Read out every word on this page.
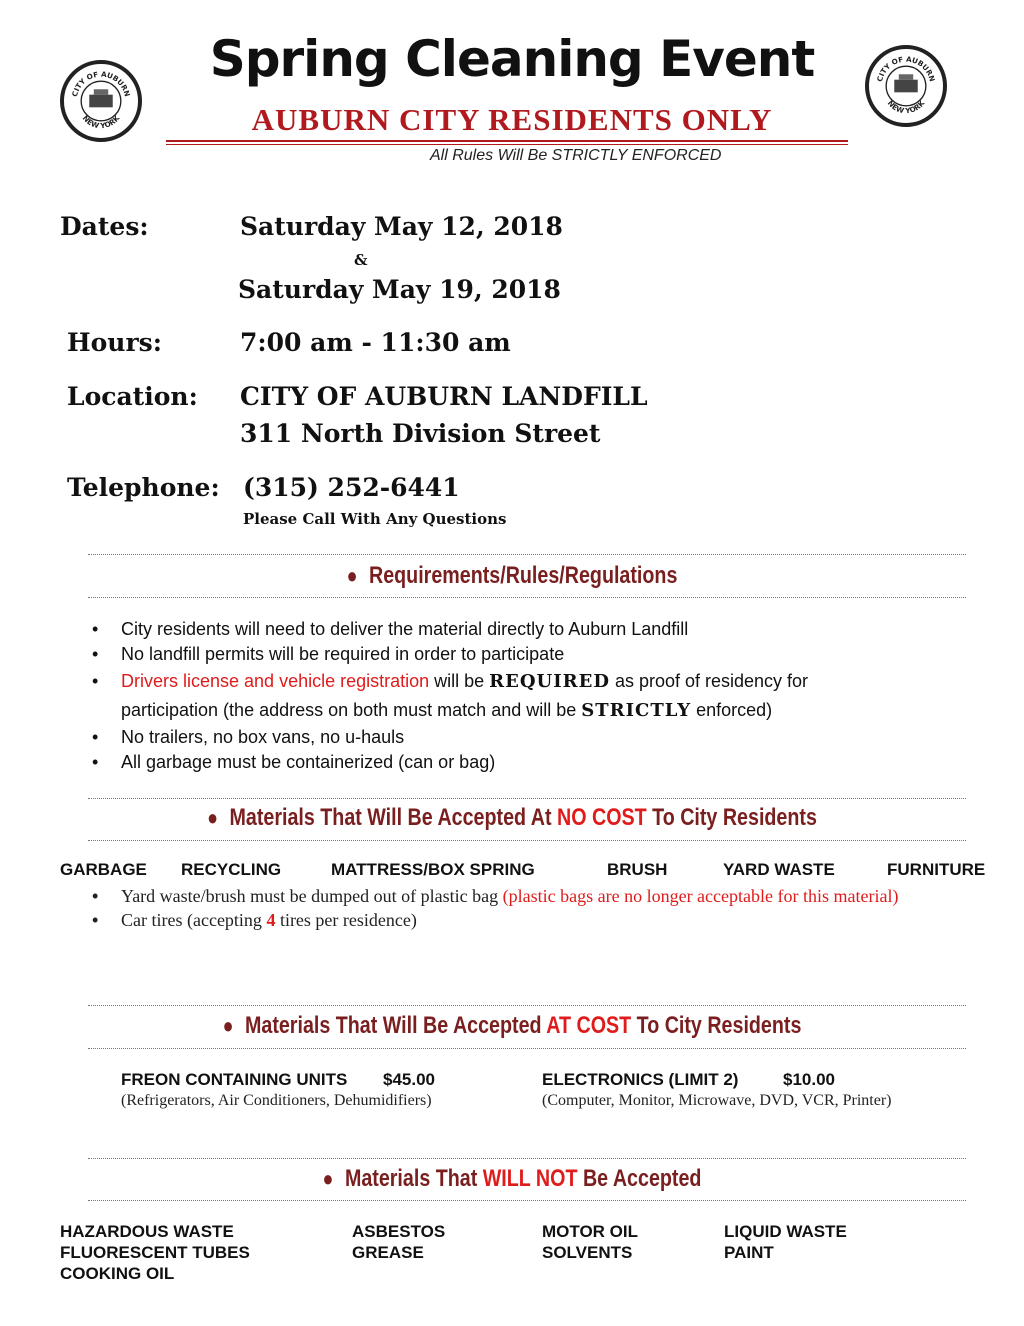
CITY OF AUBURN
NEW YORK
CITY OF AUBURN
NEW YORK
Spring Cleaning Event
AUBURN CITY RESIDENTS ONLY
All Rules Will Be STRICTLY ENFORCED
Dates:	Saturday May 12, 2018
&
Saturday May 19, 2018
Hours:	7:00 am - 11:30 am
Location: CITY OF AUBURN LANDFILL
311 North Division Street
Telephone: (315) 252-6441
Please Call With Any Questions
● Requirements/Rules/Regulations
• City residents will need to deliver the material directly to Auburn Landfill
• No landfill permits will be required in order to participate
• Drivers license and vehicle registration will be REQUIRED as proof of residency for participation (the address on both must match and will be STRICTLY enforced)
• No trailers, no box vans, no u-hauls
• All garbage must be containerized (can or bag)
● Materials That Will Be Accepted At NO COST To City Residents
GARBAGE RECYCLING	MATTRESS/BOX SPRING	BRUSH	YARD WASTE	FURNITURE
• Yard waste/brush must be dumped out of plastic bag (plastic bags are no longer acceptable for this material)
• Car tires (accepting 4 tires per residence)
● Materials That Will Be Accepted AT COST To City Residents
FREON CONTAINING UNITS $45.00
(Refrigerators, Air Conditioners, Dehumidifiers)
ELECTRONICS (LIMIT 2)	$10.00
(Computer, Monitor, Microwave, DVD, VCR, Printer)
● Materials That WILL NOT Be Accepted
HAZARDOUS WASTE	ASBESTOS	MOTOR OIL	LIQUID WASTE
FLUORESCENT TUBES	GREASE	SOLVENTS	PAINT
COOKING OIL
